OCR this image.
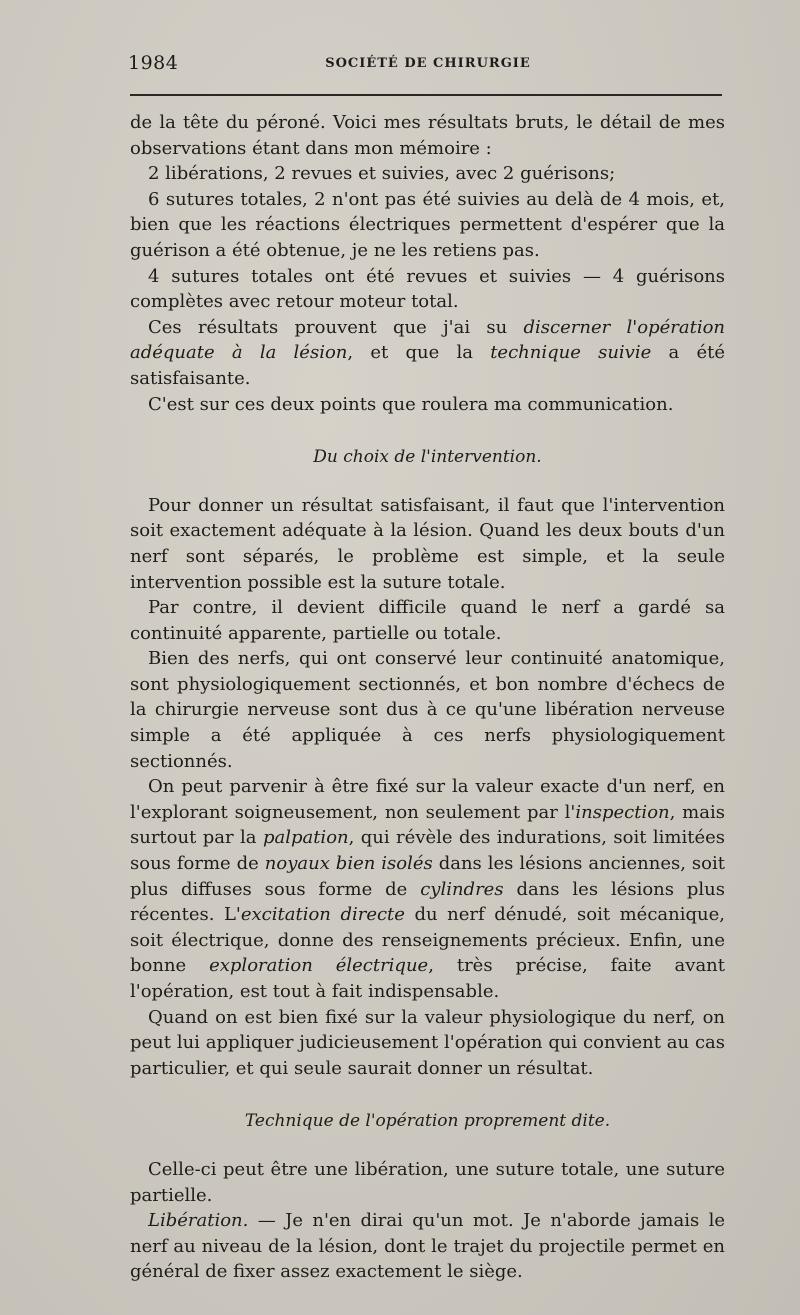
1984	SOCIÉTÉ DE CHIRURGIE

de la tête du péroné. Voici mes résultats bruts, le détail de mes observations étant dans mon mémoire :

2 libérations, 2 revues et suivies, avec 2 guérisons;

6 sutures totales, 2 n'ont pas été suivies au delà de 4 mois, et, bien que les réactions électriques permettent d'espérer que la guérison a été obtenue, je ne les retiens pas.

4 sutures totales ont été revues et suivies — 4 guérisons complètes avec retour moteur total.

Ces résultats prouvent que j'ai su discerner l'opération adéquate à la lésion, et que la technique suivie a été satisfaisante.

C'est sur ces deux points que roulera ma communication.

Du choix de l'intervention.

Pour donner un résultat satisfaisant, il faut que l'intervention soit exactement adéquate à la lésion. Quand les deux bouts d'un nerf sont séparés, le problème est simple, et la seule intervention possible est la suture totale.

Par contre, il devient difficile quand le nerf a gardé sa continuité apparente, partielle ou totale.

Bien des nerfs, qui ont conservé leur continuité anatomique, sont physiologiquement sectionnés, et bon nombre d'échecs de la chirurgie nerveuse sont dus à ce qu'une libération nerveuse simple a été appliquée à ces nerfs physiologiquement sectionnés.

On peut parvenir à être fixé sur la valeur exacte d'un nerf, en l'explorant soigneusement, non seulement par l'inspection, mais surtout par la palpation, qui révèle des indurations, soit limitées sous forme de noyaux bien isolés dans les lésions anciennes, soit plus diffuses sous forme de cylindres dans les lésions plus récentes. L'excitation directe du nerf dénudé, soit mécanique, soit électrique, donne des renseignements précieux. Enfin, une bonne exploration électrique, très précise, faite avant l'opération, est tout à fait indispensable.

Quand on est bien fixé sur la valeur physiologique du nerf, on peut lui appliquer judicieusement l'opération qui convient au cas particulier, et qui seule saurait donner un résultat.

Technique de l'opération proprement dite.

Celle-ci peut être une libération, une suture totale, une suture partielle.

Libération. — Je n'en dirai qu'un mot. Je n'aborde jamais le nerf au niveau de la lésion, dont le trajet du projectile permet en général de fixer assez exactement le siège.
